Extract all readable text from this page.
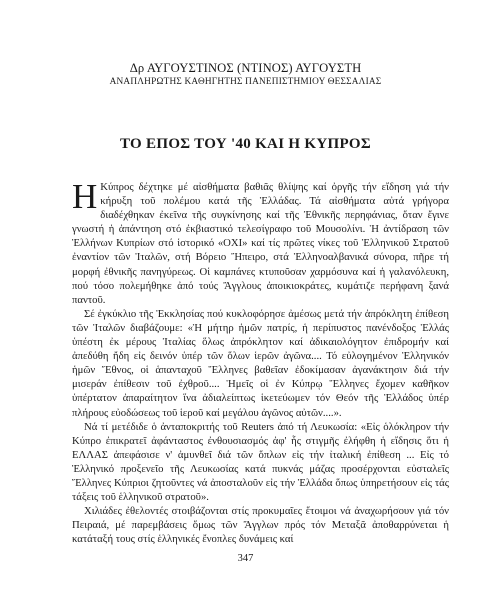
Δρ ΑΥΓΟΥΣΤΙΝΟΣ (ΝΤΙΝΟΣ) ΑΥΓΟΥΣΤΗ
ΑΝΑΠΛΗΡΩΤΗΣ ΚΑΘΗΓΗΤΗΣ ΠΑΝΕΠΙΣΤΗΜΙΟΥ ΘΕΣΣΑΛΙΑΣ
ΤΟ ΕΠΟΣ ΤΟΥ '40 ΚΑΙ Η ΚΥΠΡΟΣ

Η Κύπρος δέχτηκε μέ αἰσθήματα βαθιᾶς θλίψης καί ὀργῆς τήν εἴδηση γιά τήν κήρυξη τοῦ πολέμου κατά τῆς Ἑλλάδας. Τά αἰσθήματα αὐτά γρήγορα διαδέχθηκαν ἐκεῖνα τῆς συγκίνησης καί τῆς Ἐθνικῆς περηφάνιας, ὅταν ἔγινε γνωστή ἡ ἀπάντηση στό ἐκβιαστικό τελεσίγραφο τοῦ Μουσολίνι. Ἡ ἀντίδραση τῶν Ἑλλήνων Κυπρίων στό ἱστορικό «ΟΧΙ» καί τίς πρῶτες νίκες τοῦ Ἑλληνικοῦ Στρατοῦ ἐναντίον τῶν Ἰταλῶν, στή Βόρειο Ἤπειρο, στά Ἑλληνοαλβανικά σύνορα, πῆρε τή μορφή ἐθνικῆς πανηγύρεως. Οἱ καμπάνες κτυποῦσαν χαρμόσυνα καί ἡ γαλανόλευκη, πού τόσο πολεμήθηκε ἀπό τούς Ἄγγλους ἀποικιοκράτες, κυμάτιζε περήφανη ξανά παντοῦ.

Σέ ἐγκύκλιο τῆς Ἐκκλησίας πού κυκλοφόρησε ἀμέσως μετά τήν ἀπρόκλητη ἐπίθεση τῶν Ἰταλῶν διαβάζουμε: «Ἡ μήτηρ ἡμῶν πατρίς, ἡ περίπυστος πανένδοξος Ἑλλάς ὑπέστη ἐκ μέρους Ἰταλίας ὅλως ἀπρόκλητον καί ἀδικαιολόγητον ἐπιδρομήν καί ἀπεδύθη ἤδη εἰς δεινόν ὑπέρ τῶν ὅλων ἱερῶν ἀγῶνα.... Τό εὐλογημένον Ἑλληνικόν ἡμῶν Ἔθνος, οἱ ἁπανταχοῦ Ἕλληνες βαθεῖαν ἐδοκίμασαν ἀγανάκτησιν διά τήν μισεράν ἐπίθεσιν τοῦ ἐχθροῦ.... Ἡμεῖς οἱ ἐν Κύπρῳ Ἕλληνες ἔχομεν καθῆκον ὑπέρτατον ἀπαραίτητον ἵνα ἀδιαλείπτως ἱκετεύωμεν τόν Θεόν τῆς Ἑλλάδος ὑπέρ πλήρους εὐοδώσεως τοῦ ἱεροῦ καί μεγάλου ἀγῶνος αὐτῶν....».

Νά τί μετέδιδε ὁ ἀνταποκριτής τοῦ Reuters ἀπό τή Λευκωσία: «Εἰς ὁλόκληρον τήν Κύπρο ἐπικρατεῖ ἀφάνταστος ἐνθουσιασμός ἀφ' ἧς στιγμῆς ἐλήφθη ἡ εἴδησις ὅτι ἡ ΕΛΛΑΣ ἀπεφάσισε ν' ἀμυνθεῖ διά τῶν ὅπλων εἰς τήν ἰταλική ἐπίθεση ... Εἰς τό Ἑλληνικό προξενεῖο τῆς Λευκωσίας κατά πυκνάς μάζας προσέρχονται εὐσταλεῖς Ἕλληνες Κύπριοι ζητοῦντες νά ἀποσταλοῦν εἰς τήν Ἑλλάδα ὅπως ὑπηρετήσουν εἰς τάς τάξεις τοῦ ἑλληνικοῦ στρατοῦ».

Χιλιάδες ἐθελοντές στοιβάζονται στίς προκυμαῖες ἕτοιμοι νά ἀναχωρήσουν γιά τόν Πειραιά, μέ παρεμβάσεις ὅμως τῶν Ἄγγλων πρός τόν Μεταξᾶ ἀποθαρρύνεται ἡ κατάταξή τους στίς ἑλληνικές ἔνοπλες δυνάμεις καί

347
